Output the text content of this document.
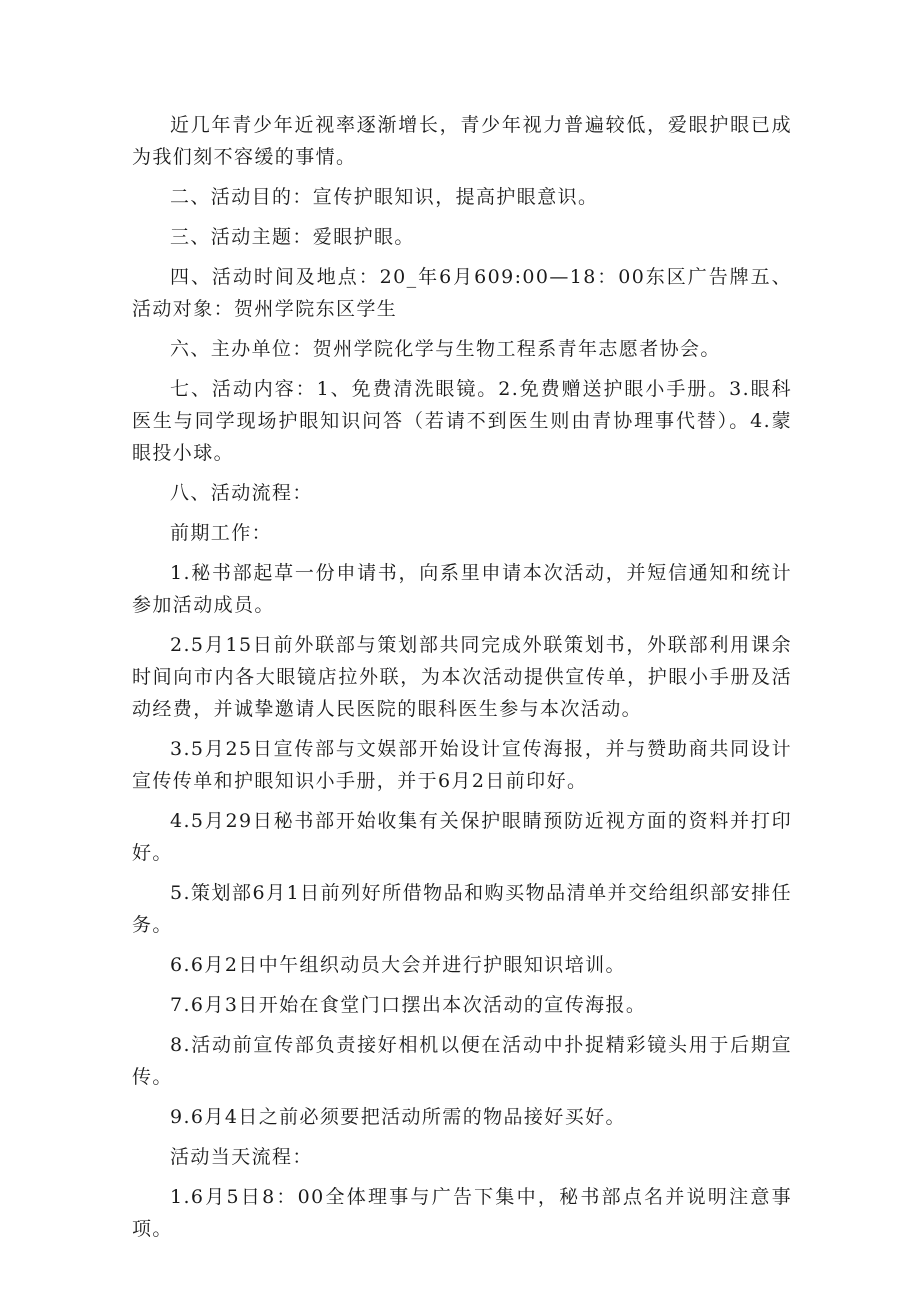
近几年青少年近视率逐渐增长，青少年视力普遍较低，爱眼护眼已成为我们刻不容缓的事情。

二、活动目的：宣传护眼知识，提高护眼意识。

三、活动主题：爱眼护眼。

四、活动时间及地点：20_年6月609:00—18：00东区广告牌五、活动对象：贺州学院东区学生

六、主办单位：贺州学院化学与生物工程系青年志愿者协会。

七、活动内容：1、免费清洗眼镜。2.免费赠送护眼小手册。3.眼科医生与同学现场护眼知识问答（若请不到医生则由青协理事代替）。4.蒙眼投小球。

八、活动流程：

前期工作：

1.秘书部起草一份申请书，向系里申请本次活动，并短信通知和统计参加活动成员。

2.5月15日前外联部与策划部共同完成外联策划书，外联部利用课余时间向市内各大眼镜店拉外联，为本次活动提供宣传单，护眼小手册及活动经费，并诚挚邀请人民医院的眼科医生参与本次活动。

3.5月25日宣传部与文娱部开始设计宣传海报，并与赞助商共同设计宣传传单和护眼知识小手册，并于6月2日前印好。

4.5月29日秘书部开始收集有关保护眼睛预防近视方面的资料并打印好。

5.策划部6月1日前列好所借物品和购买物品清单并交给组织部安排任务。

6.6月2日中午组织动员大会并进行护眼知识培训。

7.6月3日开始在食堂门口摆出本次活动的宣传海报。

8.活动前宣传部负责接好相机以便在活动中扑捉精彩镜头用于后期宣传。

9.6月4日之前必须要把活动所需的物品接好买好。

活动当天流程：

1.6月5日8：00全体理事与广告下集中，秘书部点名并说明注意事项。
